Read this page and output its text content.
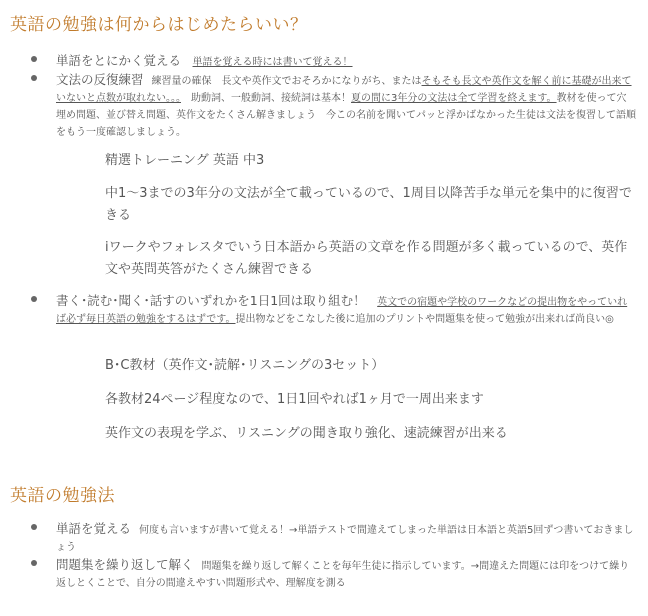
英語の勉強は何からはじめたらいい？
単語をとにかく覚える 単語を覚える時には書いて覚える！
文法の反復練習 練習量の確保　長文や英作文でおそろかになりがち、またはそもそも長文や英作文を解く前に基礎が出来ていないと点数が取れない。。。　助動詞、一般動詞、接続詞は基本！夏の間に3年分の文法は全て学習を終えます。教材を使って穴埋め問題、並び替え問題、英作文をたくさん解きましょう　今この名前を聞いてパッと浮かばなかった生徒は文法を復習して語順をもう一度確認しましょう。

精選トレーニング 英語 中3

中1～3までの3年分の文法が全て載っているので、1周目以降苦手な単元を集中的に復習できる

iワークやフォレスタでいう日本語から英語の文章を作る問題が多く載っているので、英作文や英問英答がたくさん練習できる

書く･読む･聞く･話すのいずれかを1日1回は取り組む！ 英文での宿題や学校のワークなどの提出物をやっていれば必ず毎日英語の勉強をするはずです。提出物などをこなした後に追加のプリントや問題集を使って勉強が出来れば尚良い◎

B･C教材（英作文･読解･リスニングの3セット）

各教材24ページ程度なので、1日1回やれば1ヶ月で一周出来ます

英作文の表現を学ぶ、リスニングの聞き取り強化、速読練習が出来る

英語の勉強法
単語を覚える 何度も言いますが書いて覚える！→単語テストで間違えてしまった単語は日本語と英語5回ずつ書いておきましょう
問題集を繰り返して解く 問題集を繰り返して解くことを毎年生徒に指示しています。→間違えた問題には印をつけて繰り返しとくことで、自分の間違えやすい問題形式や、理解度を測る
